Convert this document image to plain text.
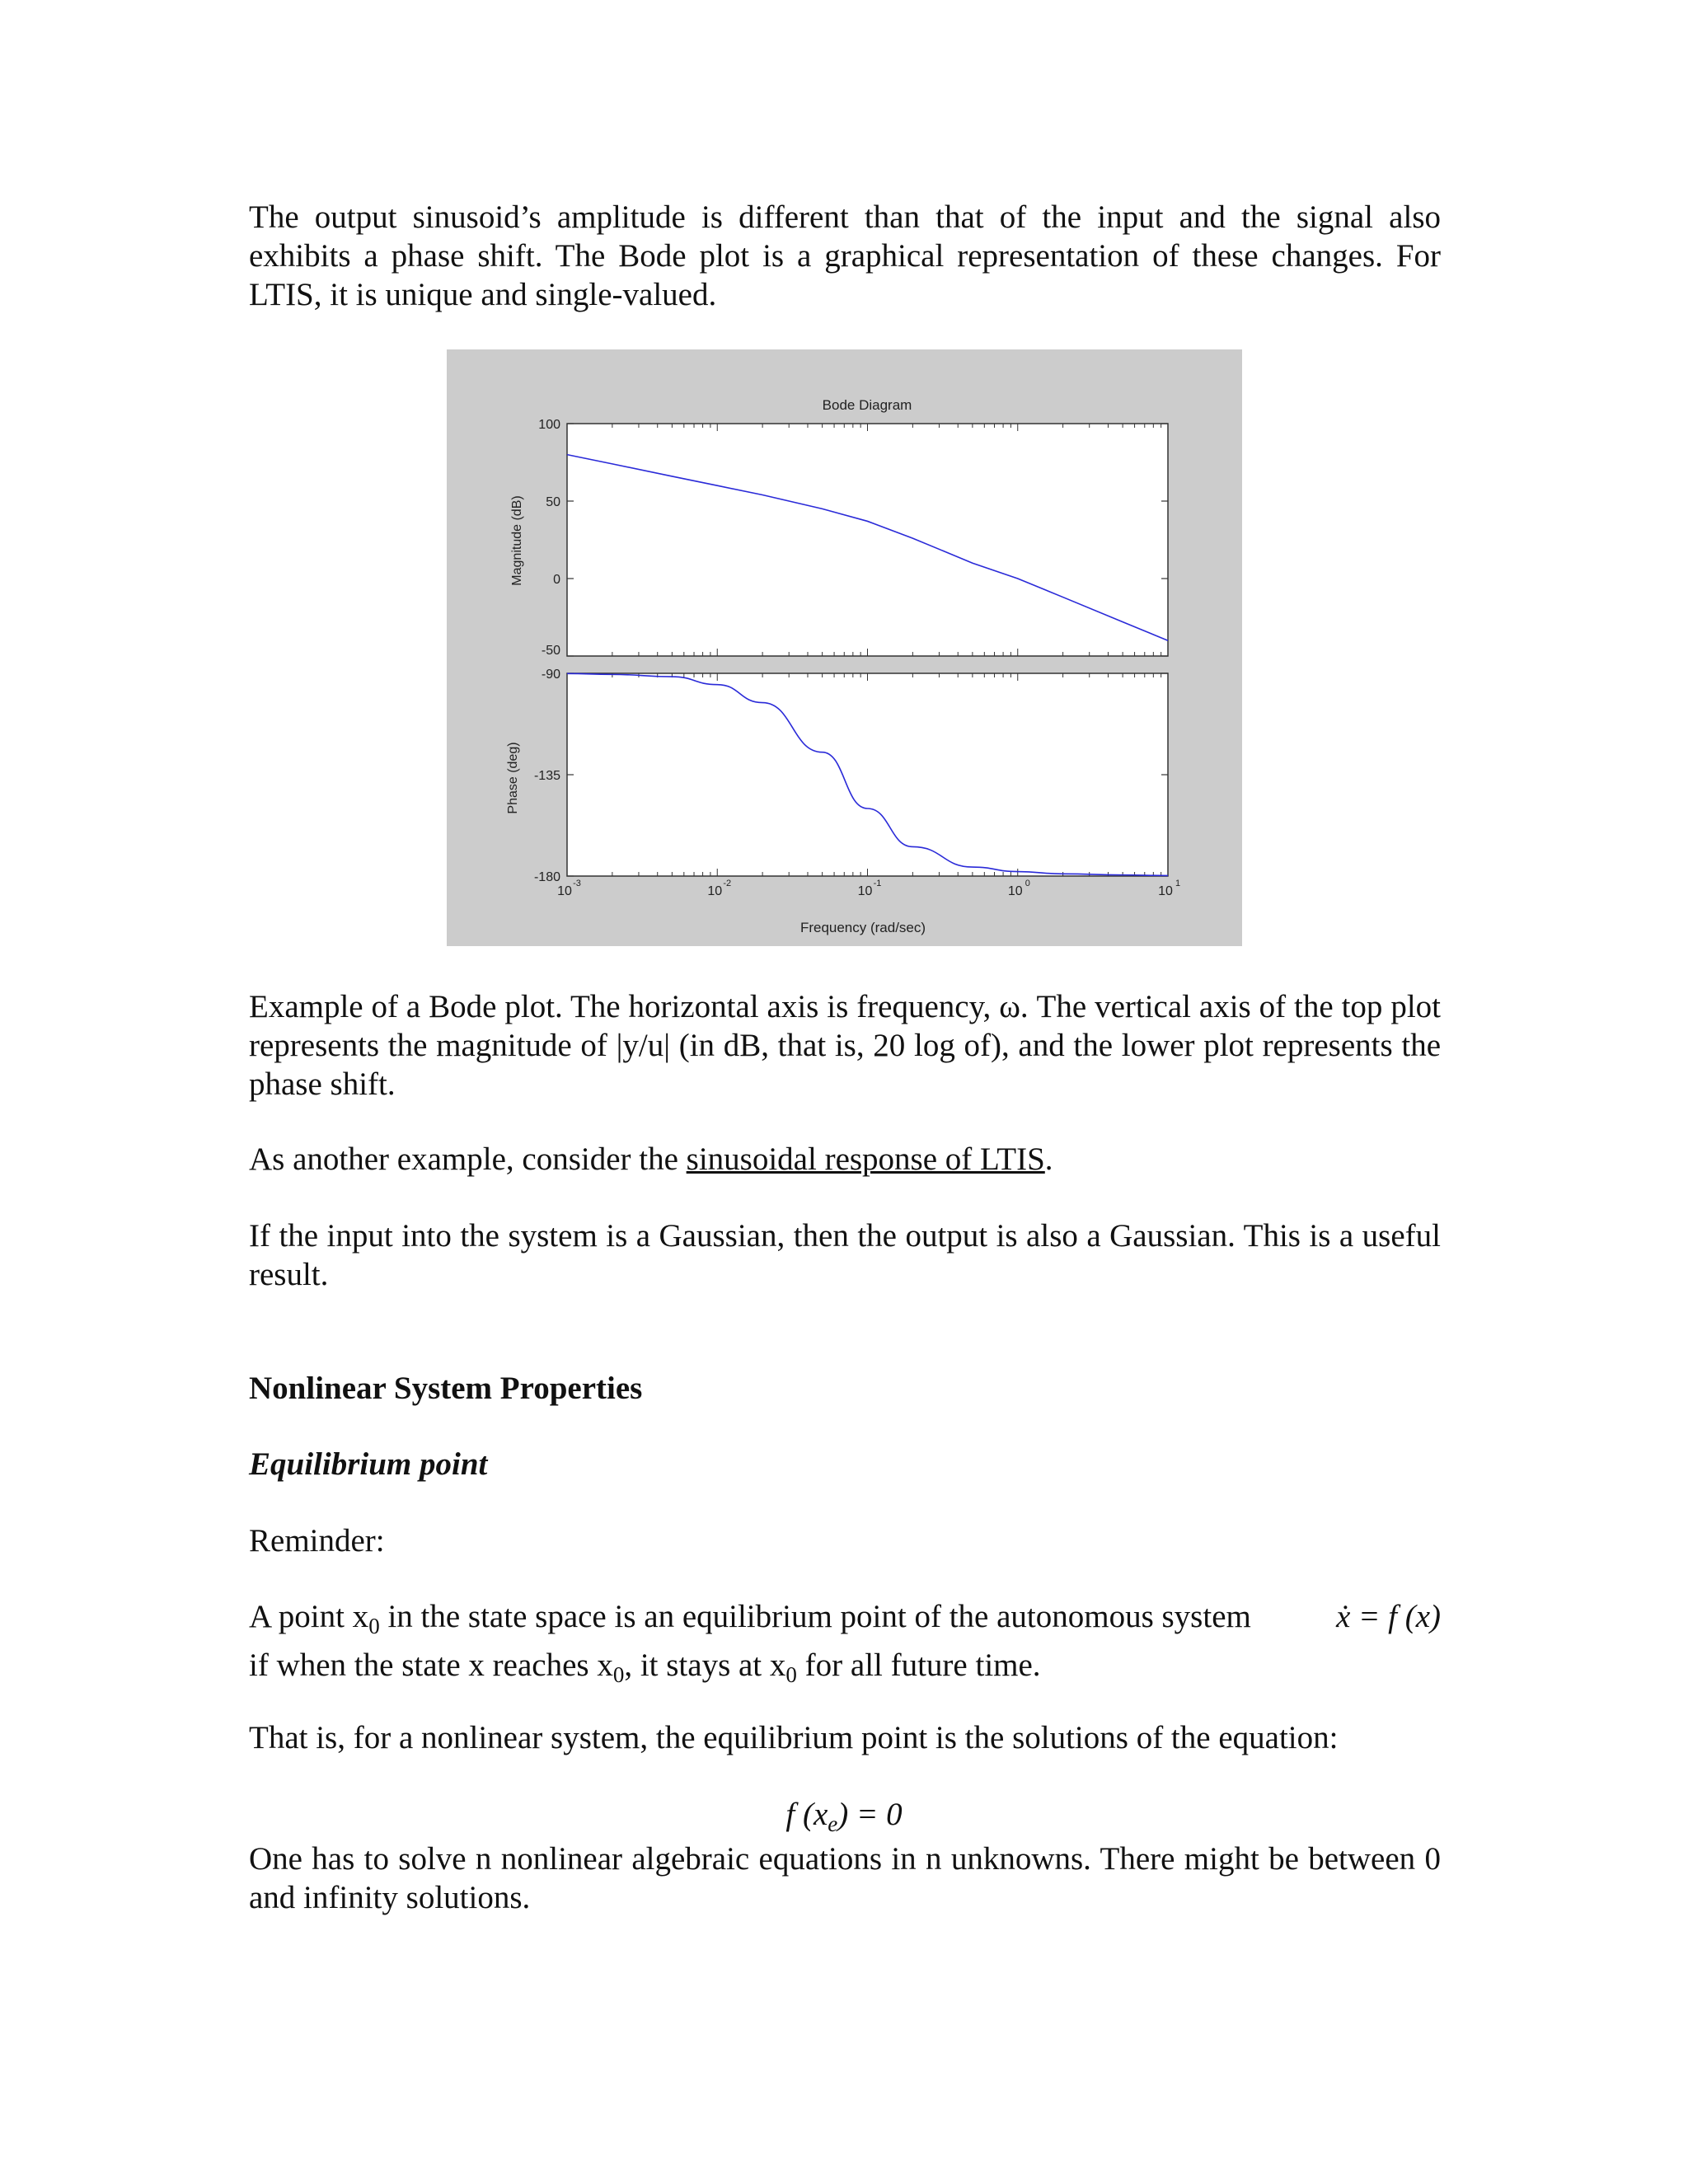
The output sinusoid’s amplitude is different than that of the input and the signal also exhibits a phase shift. The Bode plot is a graphical representation of these changes. For LTIS, it is unique and single-valued.

Bode Diagram
Magnitude (dB)
Phase (deg)
Frequency (rad/sec)
100
50
0
-50
-90
-135
-180
10
-3
10
-2
10
-1
10
0
10
1

Example of a Bode plot. The horizontal axis is frequency, ω. The vertical axis of the top plot represents the magnitude of |y/u| (in dB, that is, 20 log of), and the lower plot represents the phase shift.

As another example, consider the sinusoidal response of LTIS.

If the input into the system is a Gaussian, then the output is also a Gaussian. This is a useful result.

Nonlinear System Properties

Equilibrium point

Reminder:

A point $x_0$ in the state space is an equilibrium point of the autonomous system	ẋ = f (x)

if when the state x reaches $x_0$, it stays at $x_0$ for all future time.

That is, for a nonlinear system, the equilibrium point is the solutions of the equation:

f $(x_e) = 0$

One has to solve n nonlinear algebraic equations in n unknowns. There might be between 0 and infinity solutions.
